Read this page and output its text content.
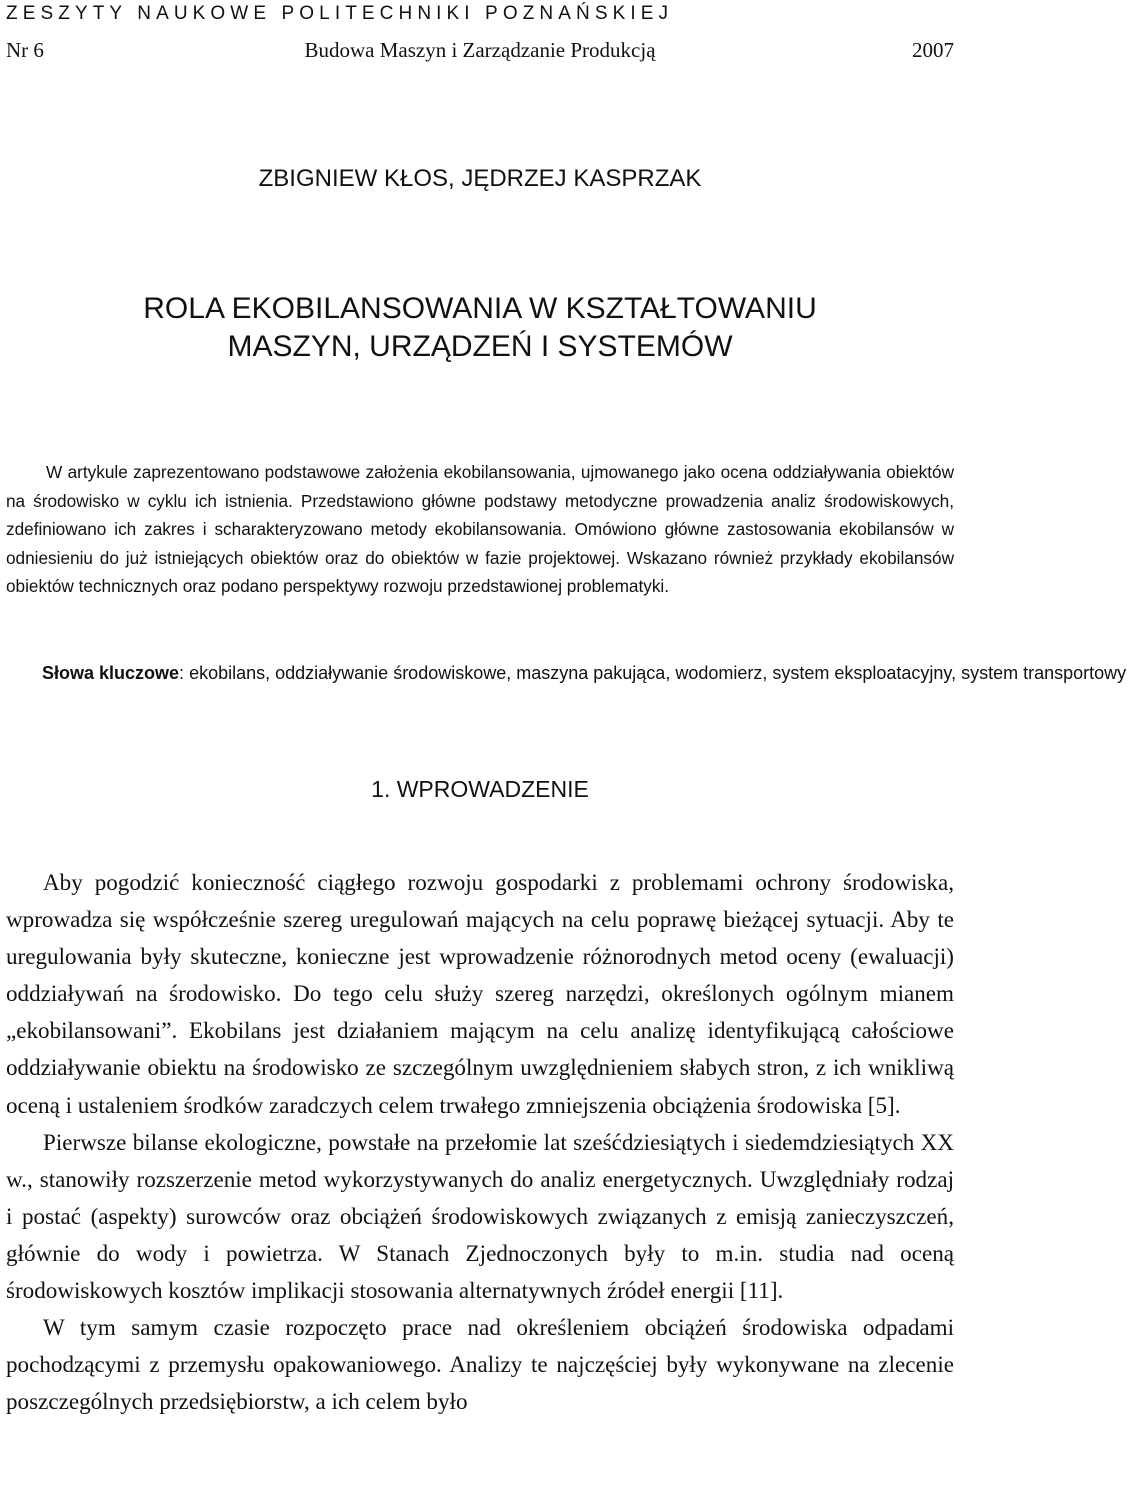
ZESZYTY NAUKOWE POLITECHNIKI POZNAŃSKIEJ
Nr 6	Budowa Maszyn i Zarządzanie Produkcją	2007
ZBIGNIEW KŁOS, JĘDRZEJ KASPRZAK
ROLA EKOBILANSOWANIA W KSZTAŁTOWANIU
MASZYN, URZĄDZEŃ I SYSTEMÓW
W artykule zaprezentowano podstawowe założenia ekobilansowania, ujmowanego jako ocena oddziaływania obiektów na środowisko w cyklu ich istnienia. Przedstawiono główne podstawy metodyczne prowadzenia analiz środowiskowych, zdefiniowano ich zakres i scharakteryzowano metody ekobilansowania. Omówiono główne zastosowania ekobilansów w odniesieniu do już istniejących obiektów oraz do obiektów w fazie projektowej. Wskazano również przykłady ekobilansów obiektów technicznych oraz podano perspektywy rozwoju przedstawionej problematyki.
Słowa kluczowe: ekobilans, oddziaływanie środowiskowe, maszyna pakująca, wodomierz, system eksploatacyjny, system transportowy
1. WPROWADZENIE

Aby pogodzić konieczność ciągłego rozwoju gospodarki z problemami ochrony środowiska, wprowadza się współcześnie szereg uregulowań mających na celu poprawę bieżącej sytuacji. Aby te uregulowania były skuteczne, konieczne jest wprowadzenie różnorodnych metod oceny (ewaluacji) oddziaływań na środowisko. Do tego celu służy szereg narzędzi, określonych ogólnym mianem „ekobilansowani”. Ekobilans jest działaniem mającym na celu analizę identyfikującą całościowe oddziaływanie obiektu na środowisko ze szczególnym uwzględnieniem słabych stron, z ich wnikliwą oceną i ustaleniem środków zaradczych celem trwałego zmniejszenia obciążenia środowiska [5].

Pierwsze bilanse ekologiczne, powstałe na przełomie lat sześćdziesiątych i siedemdziesiątych XX w., stanowiły rozszerzenie metod wykorzystywanych do analiz energetycznych. Uwzględniały rodzaj i postać (aspekty) surowców oraz obciążeń środowiskowych związanych z emisją zanieczyszczeń, głównie do wody i powietrza. W Stanach Zjednoczonych były to m.in. studia nad oceną środowiskowych kosztów implikacji stosowania alternatywnych źródeł energii [11].

W tym samym czasie rozpoczęto prace nad określeniem obciążeń środowiska odpadami pochodzącymi z przemysłu opakowaniowego. Analizy te najczęściej były wykonywane na zlecenie poszczególnych przedsiębiorstw, a ich celem było
